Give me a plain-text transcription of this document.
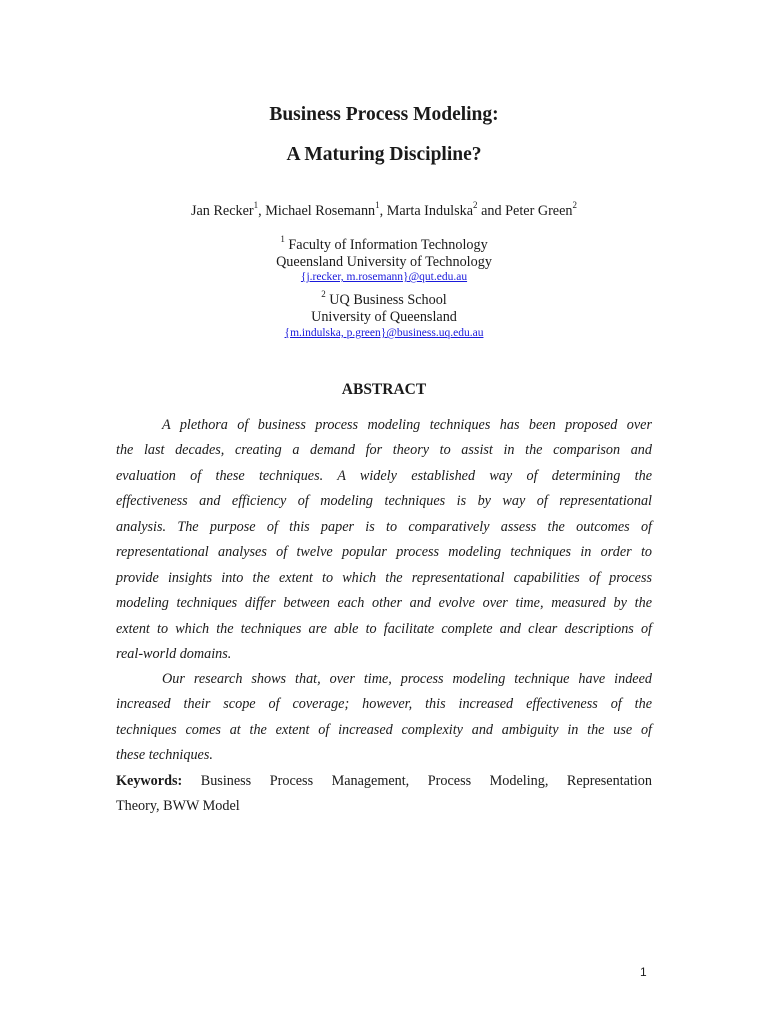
Business Process Modeling:
A Maturing Discipline?
Jan Recker$^1$, Michael Rosemann$^1$, Marta Indulska$^2$ and Peter Green$^2$
$^1$ Faculty of Information Technology
Queensland University of Technology
{j.recker, m.rosemann}@qut.edu.au
$^2$ UQ Business School
University of Queensland
{m.indulska, p.green}@business.uq.edu.au
ABSTRACT
A plethora of business process modeling techniques has been proposed over
the last decades, creating a demand for theory to assist in the comparison and
evaluation of these techniques. A widely established way of determining the
effectiveness and efficiency of modeling techniques is by way of representational
analysis. The purpose of this paper is to comparatively assess the outcomes of
representational analyses of twelve popular process modeling techniques in order to
provide insights into the extent to which the representational capabilities of process
modeling techniques differ between each other and evolve over time, measured by the
extent to which the techniques are able to facilitate complete and clear descriptions of
real-world domains.
Our research shows that, over time, process modeling technique have indeed
increased their scope of coverage; however, this increased effectiveness of the
techniques comes at the extent of increased complexity and ambiguity in the use of
these techniques.
Keywords: Business Process Management, Process Modeling, Representation
Theory, BWW Model
1
